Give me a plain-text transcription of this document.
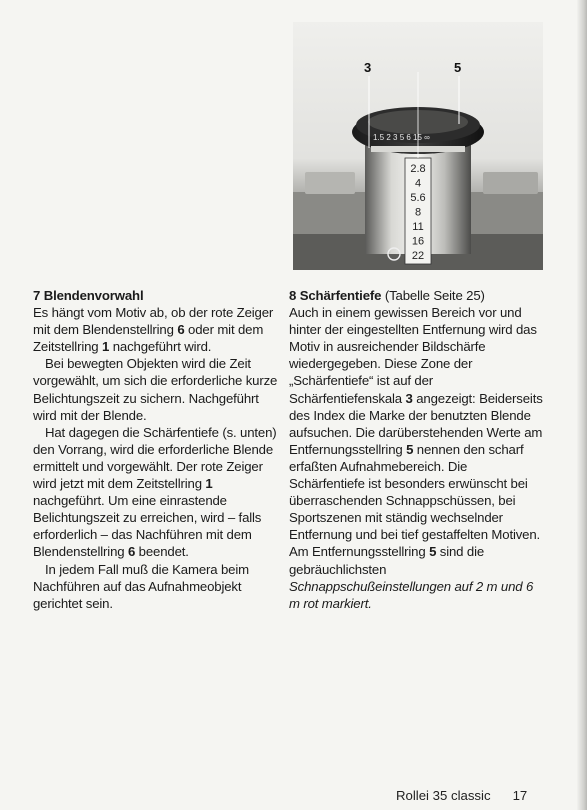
1.5 2 3 5 6 15 ∞
3	5
2.8
4
5.6
8
11
16
22

7 Blendenvorwahl

Es hängt vom Motiv ab, ob der rote Zeiger mit dem Blendenstellring 6 oder mit dem Zeitstellring 1 nachgeführt wird.

Bei bewegten Objekten wird die Zeit vorgewählt, um sich die erforderliche kurze Belichtungszeit zu sichern. Nachgeführt wird mit der Blende.

Hat dagegen die Schärfentiefe (s. unten) den Vorrang, wird die erforderliche Blende ermittelt und vorgewählt. Der rote Zeiger wird jetzt mit dem Zeitstellring 1 nachgeführt. Um eine einrastende Belichtungszeit zu erreichen, wird – falls erforderlich – das Nachführen mit dem Blendenstellring 6 beendet.

In jedem Fall muß die Kamera beim Nachführen auf das Aufnahmeobjekt gerichtet sein.

8 Schärfentiefe (Tabelle Seite 25)

Auch in einem gewissen Bereich vor und hinter der eingestellten Entfernung wird das Motiv in ausreichender Bildschärfe wiedergegeben. Diese Zone der „Schärfentiefe“ ist auf der Schärfentiefenskala 3 angezeigt: Beiderseits des Index die Marke der benutzten Blende aufsuchen. Die darüberstehenden Werte am Entfernungsstellring 5 nennen den scharf erfaßten Aufnahmebereich. Die Schärfentiefe ist besonders erwünscht bei überraschenden Schnappschüssen, bei Sportszenen mit ständig wechselnder Entfernung und bei tief gestaffelten Motiven. Am Entfernungsstellring 5 sind die gebräuchlichsten Schnappschußeinstellungen auf 2 m und 6 m rot markiert.

Rollei 35 classic 17
